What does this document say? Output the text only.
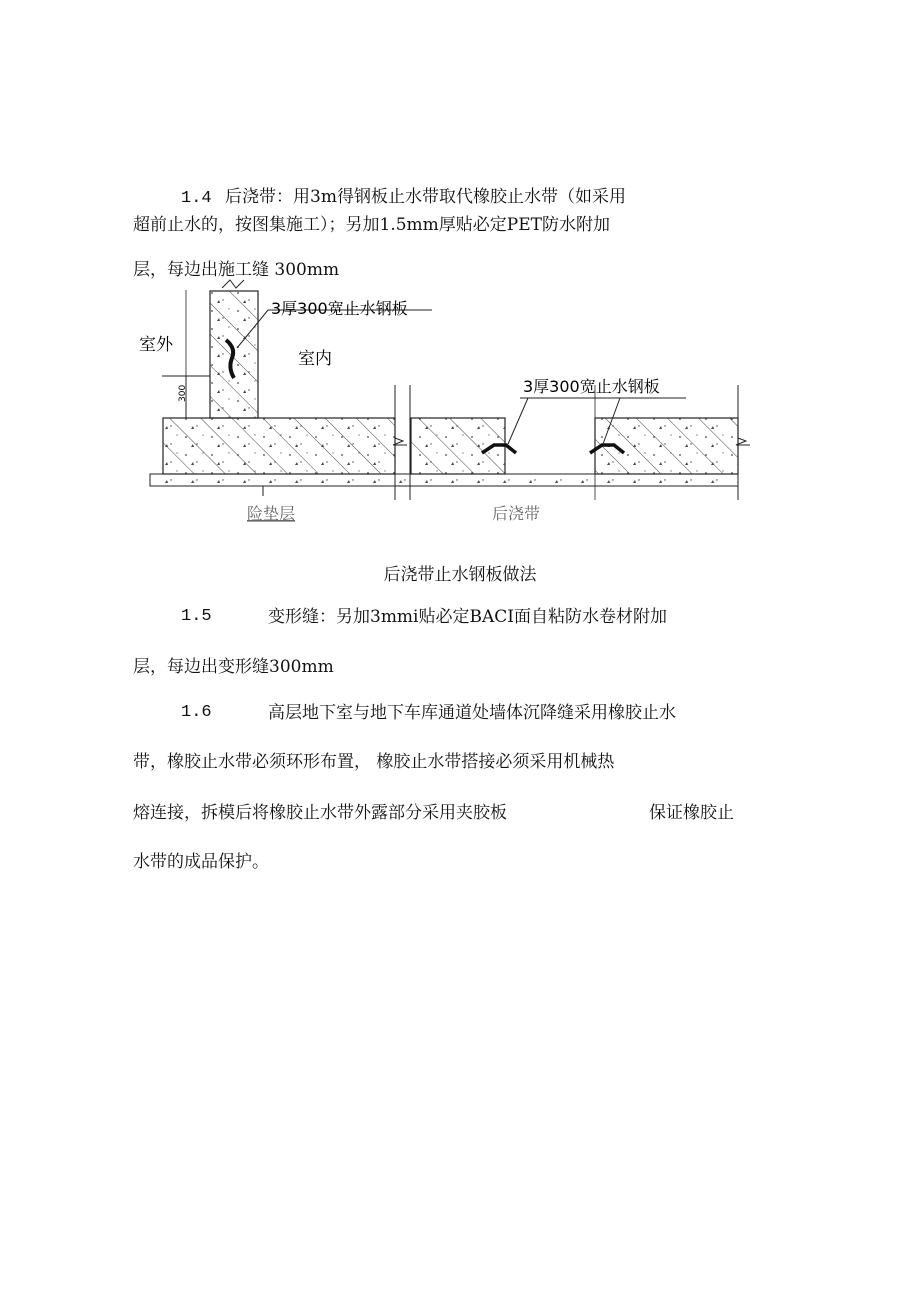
1.4 后浇带：用3m得钢板止水带取代橡胶止水带（如采用
超前止水的，按图集施工）；另加1.5mm厚贴必定PET防水附加
层，每边出施工缝 300mm
300
室外
室内
3厚300宽止水钢板
3厚300宽止水钢板
险垫层	后浇带
后浇带止水钢板做法
1.5	变形缝：另加3mmi贴必定BACI面自粘防水卷材附加
层，每边出变形缝300mm
1.6	高层地下室与地下车库通道处墙体沉降缝采用橡胶止水
带，橡胶止水带必须环形布置， 橡胶止水带搭接必须采用机械热
熔连接，拆模后将橡胶止水带外露部分采用夹胶板	保证橡胶止
水带的成品保护。
